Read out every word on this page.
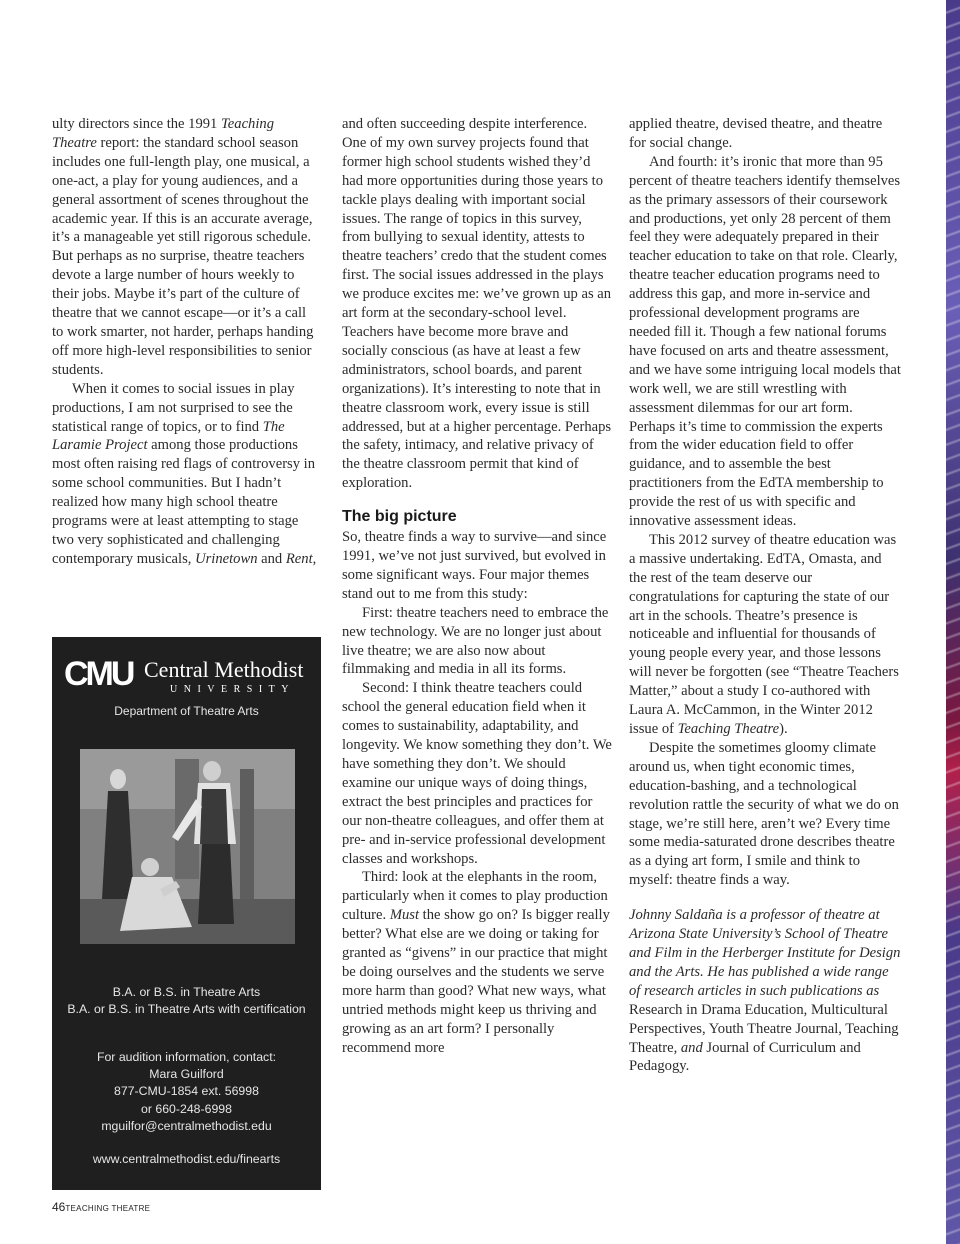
ulty directors since the 1991 Teaching Theatre report: the standard school season includes one full-length play, one musical, a one-act, a play for young audiences, and a general assortment of scenes throughout the academic year. If this is an accurate average, it’s a manageable yet still rigorous schedule. But perhaps as no surprise, theatre teachers devote a large number of hours weekly to their jobs. Maybe it’s part of the culture of theatre that we cannot escape—or it’s a call to work smarter, not harder, perhaps handing off more high-level responsibilities to senior students.

When it comes to social issues in play productions, I am not surprised to see the statistical range of topics, or to find The Laramie Project among those productions most often raising red flags of controversy in some school communities. But I hadn’t realized how many high school theatre programs were at least attempting to stage two very sophisticated and challenging contemporary musicals, Urinetown and Rent,

CMU Central Methodist
UNIVERSITY
Department of Theatre Arts
B.A. or B.S. in Theatre Arts
B.A. or B.S. in Theatre Arts with certification
For audition information, contact:
Mara Guilford
877-CMU-1854 ext. 56998
or 660-248-6998
mguilfor@centralmethodist.edu
www.centralmethodist.edu/finearts

and often succeeding despite interference. One of my own survey projects found that former high school students wished they’d had more opportunities during those years to tackle plays dealing with important social issues. The range of topics in this survey, from bullying to sexual identity, attests to theatre teachers’ credo that the student comes first. The social issues addressed in the plays we produce excites me: we’ve grown up as an art form at the secondary-school level. Teachers have become more brave and socially conscious (as have at least a few administrators, school boards, and parent organizations). It’s interesting to note that in theatre classroom work, every issue is still addressed, but at a higher percentage. Perhaps the safety, intimacy, and relative privacy of the theatre classroom permit that kind of exploration.

The big picture

So, theatre finds a way to survive—and since 1991, we’ve not just survived, but evolved in some significant ways. Four major themes stand out to me from this study:

First: theatre teachers need to embrace the new technology. We are no longer just about live theatre; we are also now about filmmaking and media in all its forms.

Second: I think theatre teachers could school the general education field when it comes to sustainability, adaptability, and longevity. We know something they don’t. We have something they don’t. We should examine our unique ways of doing things, extract the best principles and practices for our non-theatre colleagues, and offer them at pre- and in-service professional development classes and workshops.

Third: look at the elephants in the room, particularly when it comes to play production culture. Must the show go on? Is bigger really better? What else are we doing or taking for granted as “givens” in our practice that might be doing ourselves and the students we serve more harm than good? What new ways, what untried methods might keep us thriving and growing as an art form? I personally recommend more

applied theatre, devised theatre, and theatre for social change.

And fourth: it’s ironic that more than 95 percent of theatre teachers identify themselves as the primary assessors of their coursework and productions, yet only 28 percent of them feel they were adequately prepared in their teacher education to take on that role. Clearly, theatre teacher education programs need to address this gap, and more in-service and professional development programs are needed fill it. Though a few national forums have focused on arts and theatre assessment, and we have some intriguing local models that work well, we are still wrestling with assessment dilemmas for our art form. Perhaps it’s time to commission the experts from the wider education field to offer guidance, and to assemble the best practitioners from the EdTA membership to provide the rest of us with specific and innovative assessment ideas.

This 2012 survey of theatre education was a massive undertaking. EdTA, Omasta, and the rest of the team deserve our congratulations for capturing the state of our art in the schools. Theatre’s presence is noticeable and influential for thousands of young people every year, and those lessons will never be forgotten (see “Theatre Teachers Matter,” about a study I co-authored with Laura A. McCammon, in the Winter 2012 issue of Teaching Theatre).

Despite the sometimes gloomy climate around us, when tight economic times, education-bashing, and a technological revolution rattle the security of what we do on stage, we’re still here, aren’t we? Every time some media-saturated drone describes theatre as a dying art form, I smile and think to myself: theatre finds a way.

Johnny Saldaña is a professor of theatre at Arizona State University’s School of Theatre and Film in the Herberger Institute for Design and the Arts. He has published a wide range of research articles in such publications as Research in Drama Education, Multicultural Perspectives, Youth Theatre Journal, Teaching Theatre, and Journal of Curriculum and Pedagogy.

46TEACHING THEATRE
